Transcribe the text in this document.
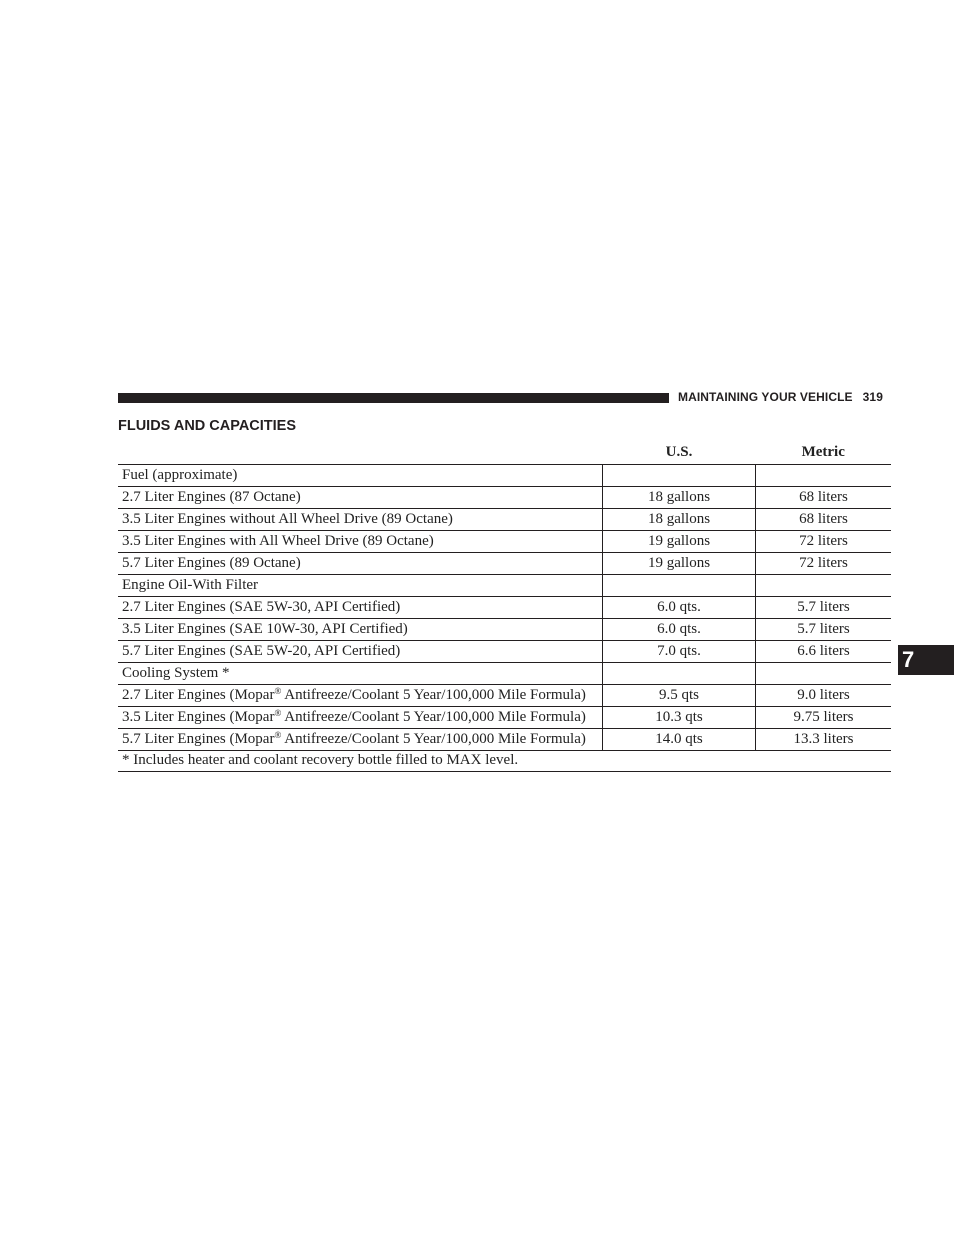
MAINTAINING YOUR VEHICLE 319
FLUIDS AND CAPACITIES
7
	U.S.	Metric
Fuel (approximate)		
2.7 Liter Engines (87 Octane)	18 gallons	68 liters
3.5 Liter Engines without All Wheel Drive (89 Octane)	18 gallons	68 liters
3.5 Liter Engines with All Wheel Drive (89 Octane)	19 gallons	72 liters
5.7 Liter Engines (89 Octane)	19 gallons	72 liters
Engine Oil-With Filter		
2.7 Liter Engines (SAE 5W-30, API Certified)	6.0 qts.	5.7 liters
3.5 Liter Engines (SAE 10W-30, API Certified)	6.0 qts.	5.7 liters
5.7 Liter Engines (SAE 5W-20, API Certified)	7.0 qts.	6.6 liters
Cooling System *		
2.7 Liter Engines (Mopar® Antifreeze/Coolant 5 Year/100,000 Mile Formula)	9.5 qts	9.0 liters
3.5 Liter Engines (Mopar® Antifreeze/Coolant 5 Year/100,000 Mile Formula)	10.3 qts	9.75 liters
5.7 Liter Engines (Mopar® Antifreeze/Coolant 5 Year/100,000 Mile Formula)	14.0 qts	13.3 liters
* Includes heater and coolant recovery bottle filled to MAX level.		
